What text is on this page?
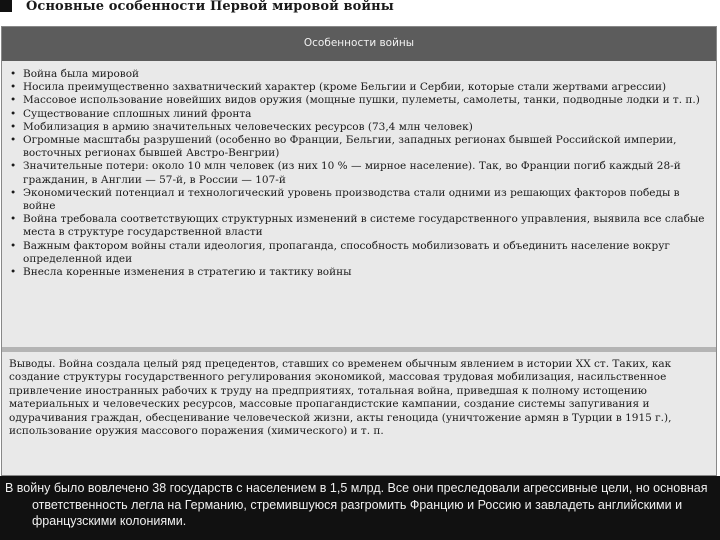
Основные особенности Первой мировой войны
Особенности войны
• Война была мировой
• Носила преимущественно захватнический характер (кроме Бельгии и Сербии, которые стали жертвами агрессии)
• Массовое использование новейших видов оружия (мощные пушки, пулеметы, самолеты, танки, подводные лодки и т. п.)
• Существование сплошных линий фронта
• Мобилизация в армию значительных человеческих ресурсов (73,4 млн человек)
• Огромные масштабы разрушений (особенно во Франции, Бельгии, западных регионах бывшей Российской империи, восточных регионах бывшей Австро-Венгрии)
• Значительные потери: около 10 млн человек (из них 10 % — мирное население). Так, во Франции погиб каждый 28-й гражданин, в Англии — 57-й, в России — 107-й
• Экономический потенциал и технологический уровень производства стали одними из решающих факторов победы в войне
• Война требовала соответствующих структурных изменений в системе государственного управления, выявила все слабые места в структуре государственной власти
• Важным фактором войны стали идеология, пропаганда, способность мобилизовать и объединить население вокруг определенной идеи
• Внесла коренные изменения в стратегию и тактику войны
Выводы. Война создала целый ряд прецедентов, ставших со временем обычным явлением в истории XX ст. Таких, как создание структуры государственного регулирования экономикой, массовая трудовая мобилизация, насильственное привлечение иностранных рабочих к труду на предприятиях, тотальная война, приведшая к полному истощению материальных и человеческих ресурсов, массовые пропагандистские кампании, создание системы запугивания и одурачивания граждан, обесценивание человеческой жизни, акты геноцида (уничтожение армян в Турции в 1915 г.), использование оружия массового поражения (химического) и т. п.
В войну было вовлечено 38 государств с населением в 1,5 млрд. Все они преследовали агрессивные цели, но основная ответственность легла на Германию, стремившуюся разгромить Францию и Россию и завладеть английскими и французскими колониями.
